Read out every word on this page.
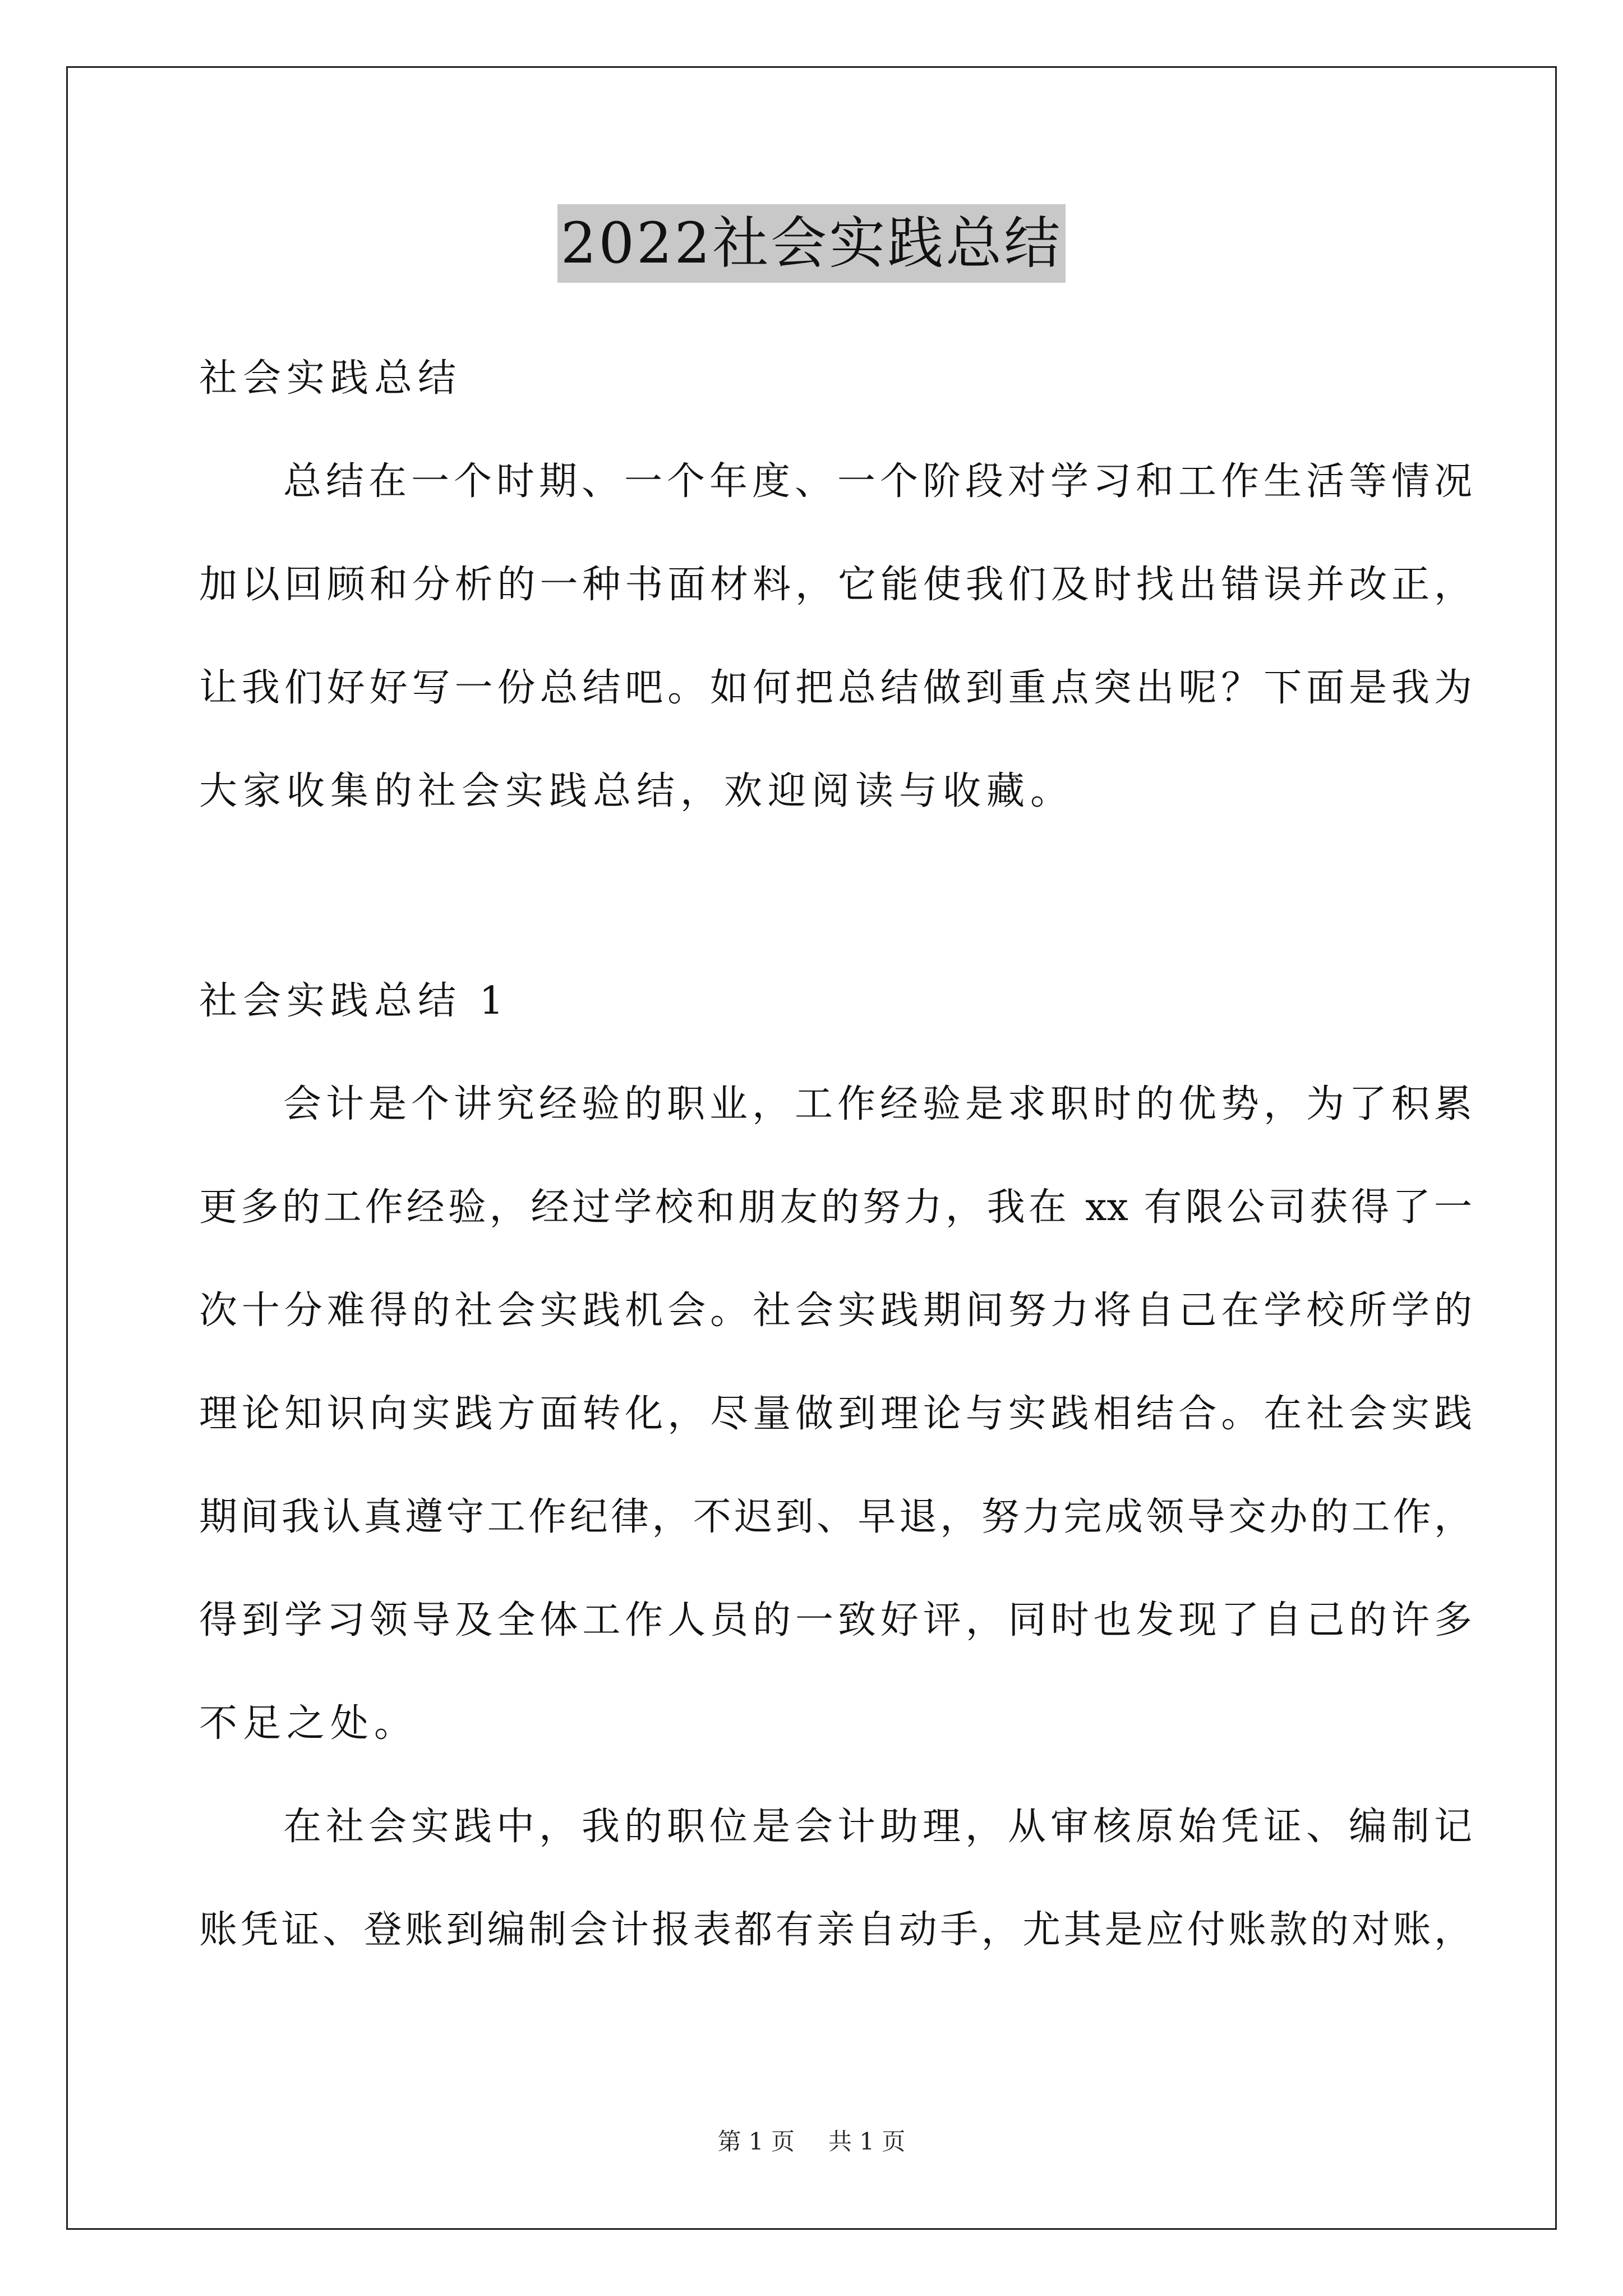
2022社会实践总结
社会实践总结
总结在一个时期、一个年度、一个阶段对学习和工作生活等情况
加以回顾和分析的一种书面材料，它能使我们及时找出错误并改正，
让我们好好写一份总结吧。如何把总结做到重点突出呢？下面是我为
大家收集的社会实践总结，欢迎阅读与收藏。
社会实践总结 1
会计是个讲究经验的职业，工作经验是求职时的优势，为了积累
更多的工作经验，经过学校和朋友的努力，我在 xx 有限公司获得了一
次十分难得的社会实践机会。社会实践期间努力将自己在学校所学的
理论知识向实践方面转化，尽量做到理论与实践相结合。在社会实践
期间我认真遵守工作纪律，不迟到、早退，努力完成领导交办的工作，
得到学习领导及全体工作人员的一致好评，同时也发现了自己的许多
不足之处。
在社会实践中，我的职位是会计助理，从审核原始凭证、编制记
账凭证、登账到编制会计报表都有亲自动手，尤其是应付账款的对账，
第 1 页 共 1 页
